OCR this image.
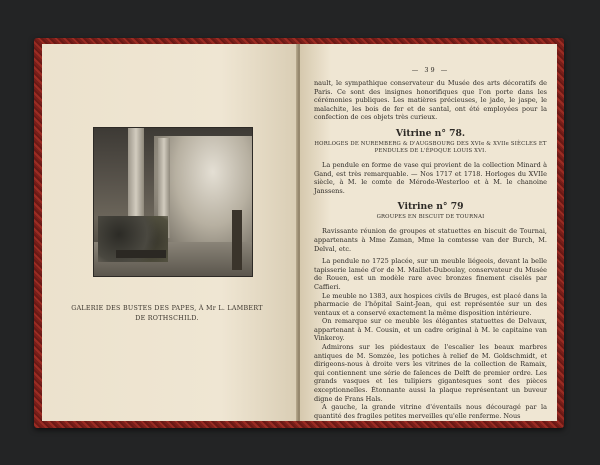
GALERIE DES BUSTES DES PAPES, À Mr L. LAMBERT
DE ROTHSCHILD.
— 39 —

nault, le sympathique conservateur du Musée des arts décoratifs de Paris. Ce sont des insignes honorifiques que l'on porte dans les cérémonies publiques. Les matières précieuses, le jade, le jaspe, le malachite, les bois de fer et de santal, ont été employées pour la confection de ces objets très curieux.

Vitrine n° 78.

HORLOGES DE NUREMBERG & D'AUGSBOURG DES XVIe & XVIIe SIÈCLES ET PENDULES DE L'ÉPOQUE LOUIS XVI.

La pendule en forme de vase qui provient de la collection Minard à Gand, est très remarquable. — Nos 1717 et 1718. Horloges du XVIIe siècle, à M. le comte de Mérode-Westerloo et à M. le chanoine Janssens.

Vitrine n° 79

GROUPES EN BISCUIT DE TOURNAI

Ravissante réunion de groupes et statuettes en biscuit de Tournai, appartenants à Mme Zaman, Mme la comtesse van der Burch, M. Delval, etc.

La pendule no 1725 placée, sur un meuble liégeois, devant la belle tapisserie lamée d'or de M. Maillet-Duboulay, conservateur du Musée de Rouen, est un modèle rare avec bronzes finement ciselés par Caffieri.

Le meuble no 1383, aux hospices civils de Bruges, est placé dans la pharmacie de l'hôpital Saint-Jean, qui est représentée sur un des ventaux et a conservé exactement la même disposition intérieure.

On remarque sur ce meuble les élégantes statuettes de Delvaux, appartenant à M. Cousin, et un cadre original à M. le capitaine van Vinkeroy.

Admirons sur les piédestaux de l'escalier les beaux marbres antiques de M. Somzée, les potiches à relief de M. Goldschmidt, et dirigeons-nous à droite vers les vitrines de la collection de Ramaix, qui contiennent une série de faïences de Delft de premier ordre. Les grands vasques et les tulipiers gigantesques sont des pièces exceptionnelles. Étonnante aussi la plaque représentant un buveur digne de Frans Hals.

A gauche, la grande vitrine d'éventails nous découragé par la quantité des fragiles petites merveilles qu'elle renferme. Nous
